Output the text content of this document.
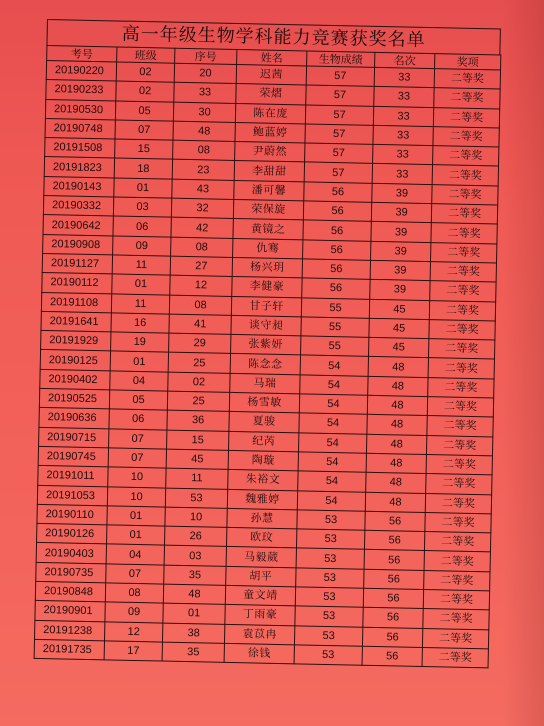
高一年级生物学科能力竞赛获奖名单
考号	班级	序号	姓名	生物成绩	名次	奖项
20190220	02	20	迟茜	57	33	二等奖
20190233	02	33	荣熠	57	33	二等奖
20190530	05	30	陈在庞	57	33	二等奖
20190748	07	48	鲍蓝婷	57	33	二等奖
20191508	15	08	尹蔚然	57	33	二等奖
20191823	18	23	李甜甜	57	33	二等奖
20190143	01	43	潘可馨	56	39	二等奖
20190332	03	32	荣保旋	56	39	二等奖
20190642	06	42	黄镜之	56	39	二等奖
20190908	09	08	仇骞	56	39	二等奖
20191127	11	27	杨兴玥	56	39	二等奖
20190112	01	12	李健豪	56	39	二等奖
20191108	11	08	甘子轩	55	45	二等奖
20191641	16	41	谈守昶	55	45	二等奖
20191929	19	29	张紫妍	55	45	二等奖
20190125	01	25	陈念念	54	48	二等奖
20190402	04	02	马瑞	54	48	二等奖
20190525	05	25	杨雪敏	54	48	二等奖
20190636	06	36	夏骏	54	48	二等奖
20190715	07	15	纪芮	54	48	二等奖
20190745	07	45	陶璇	54	48	二等奖
20191011	10	11	朱裕文	54	48	二等奖
20191053	10	53	魏雅婷	54	48	二等奖
20190110	01	10	孙慧	53	56	二等奖
20190126	01	26	欧玟	53	56	二等奖
20190403	04	03	马毅葳	53	56	二等奖
20190735	07	35	胡平	53	56	二等奖
20190848	08	48	童文靖	53	56	二等奖
20190901	09	01	丁雨豪	53	56	二等奖
20191238	12	38	袁苡冉	53	56	二等奖
20191735	17	35	徐钱	53	56	二等奖
